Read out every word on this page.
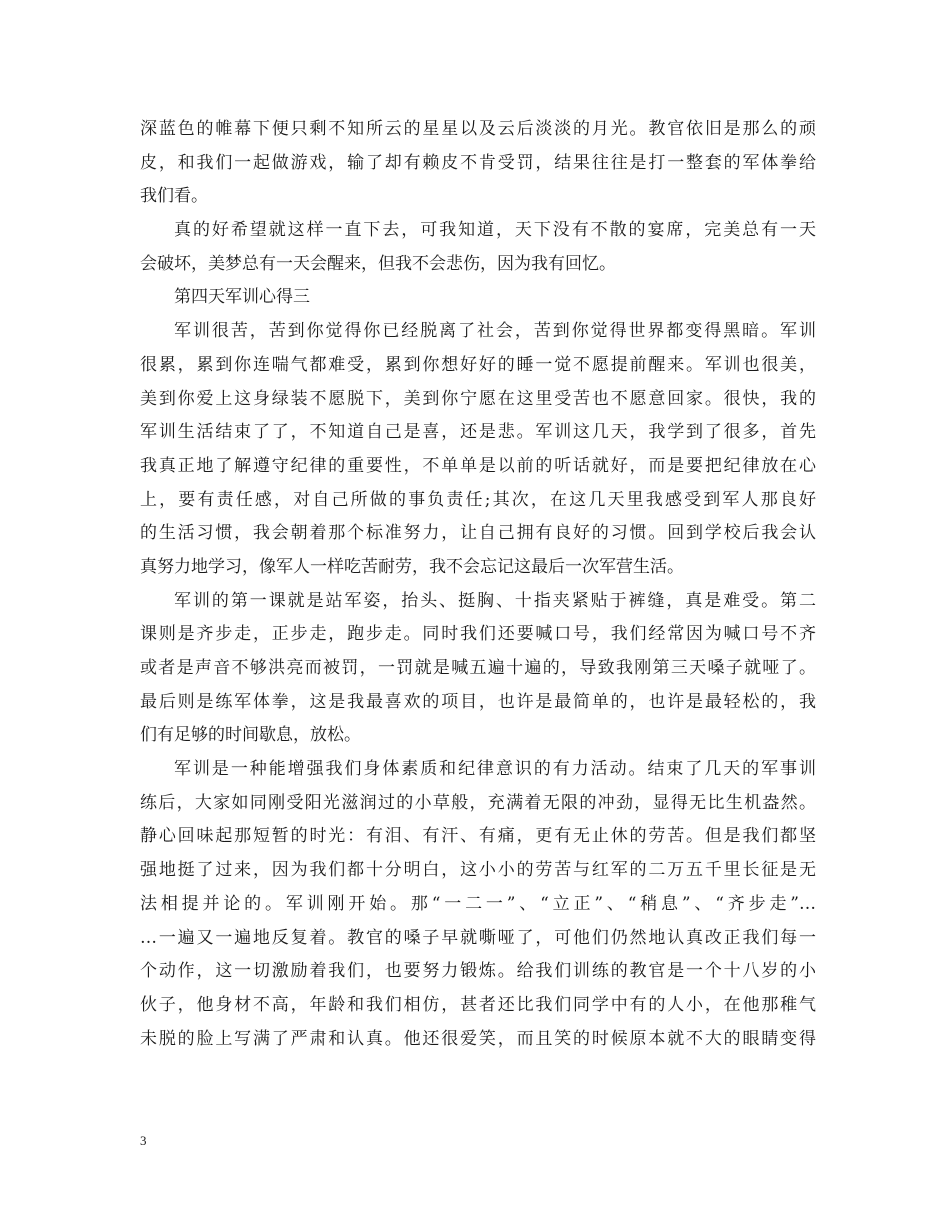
深蓝色的帷幕下便只剩不知所云的星星以及云后淡淡的月光。教官依旧是那么的顽
皮，和我们一起做游戏，输了却有赖皮不肯受罚，结果往往是打一整套的军体拳给
我们看。
真的好希望就这样一直下去，可我知道，天下没有不散的宴席，完美总有一天
会破坏，美梦总有一天会醒来，但我不会悲伤，因为我有回忆。
第四天军训心得三
军训很苦，苦到你觉得你已经脱离了社会，苦到你觉得世界都变得黑暗。军训
很累，累到你连喘气都难受，累到你想好好的睡一觉不愿提前醒来。军训也很美，
美到你爱上这身绿装不愿脱下，美到你宁愿在这里受苦也不愿意回家。很快，我的
军训生活结束了了，不知道自己是喜，还是悲。军训这几天，我学到了很多，首先
我真正地了解遵守纪律的重要性，不单单是以前的听话就好，而是要把纪律放在心
上，要有责任感，对自己所做的事负责任;其次，在这几天里我感受到军人那良好
的生活习惯，我会朝着那个标准努力，让自己拥有良好的习惯。回到学校后我会认
真努力地学习，像军人一样吃苦耐劳，我不会忘记这最后一次军营生活。
军训的第一课就是站军姿，抬头、挺胸、十指夹紧贴于裤缝，真是难受。第二
课则是齐步走，正步走，跑步走。同时我们还要喊口号，我们经常因为喊口号不齐
或者是声音不够洪亮而被罚，一罚就是喊五遍十遍的，导致我刚第三天嗓子就哑了。
最后则是练军体拳，这是我最喜欢的项目，也许是最简单的，也许是最轻松的，我
们有足够的时间歇息，放松。
军训是一种能增强我们身体素质和纪律意识的有力活动。结束了几天的军事训
练后，大家如同刚受阳光滋润过的小草般，充满着无限的冲劲，显得无比生机盎然。
静心回味起那短暂的时光：有泪、有汗、有痛，更有无止休的劳苦。但是我们都坚
强地挺了过来，因为我们都十分明白，这小小的劳苦与红军的二万五千里长征是无
法相提并论的。军训刚开始。那“一二一”、“立正”、“稍息”、“齐步走”…
…一遍又一遍地反复着。教官的嗓子早就嘶哑了，可他们仍然地认真改正我们每一
个动作，这一切激励着我们，也要努力锻炼。给我们训练的教官是一个十八岁的小
伙子，他身材不高，年龄和我们相仿，甚者还比我们同学中有的人小，在他那稚气
未脱的脸上写满了严肃和认真。他还很爱笑，而且笑的时候原本就不大的眼睛变得
3
